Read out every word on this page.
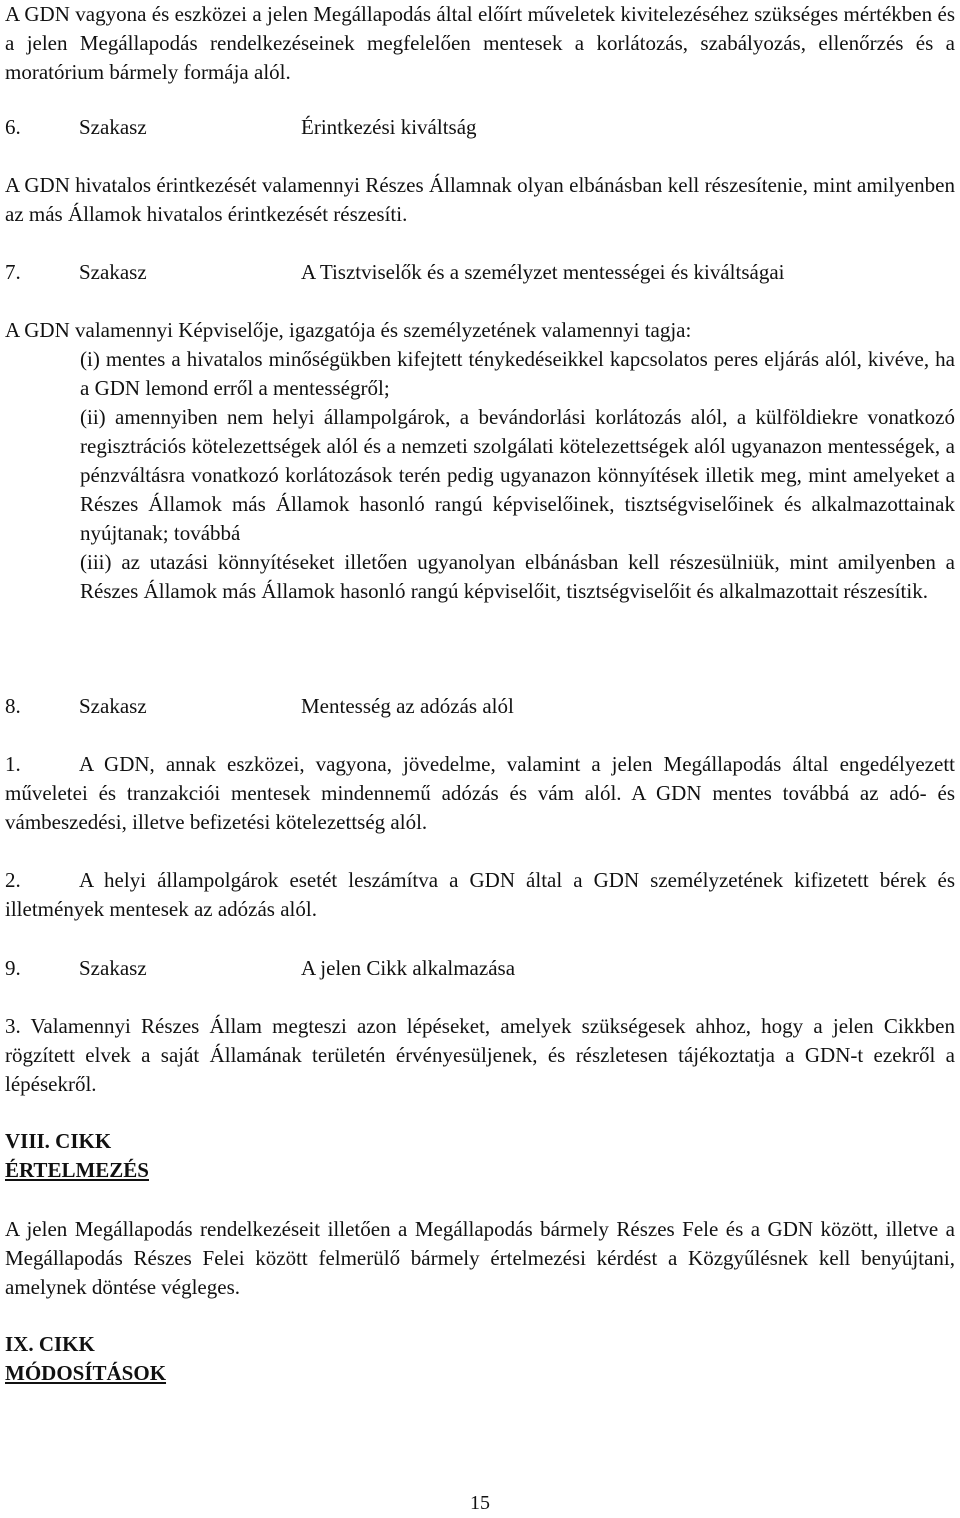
A GDN vagyona és eszközei a jelen Megállapodás által előírt műveletek kivitelezéséhez szükséges mértékben és a jelen Megállapodás rendelkezéseinek megfelelően mentesek a korlátozás, szabályozás, ellenőrzés és a moratórium bármely formája alól.

6.	Szakasz	Érintkezési kiváltság

A GDN hivatalos érintkezését valamennyi Részes Államnak olyan elbánásban kell részesítenie, mint amilyenben az más Államok hivatalos érintkezését részesíti.

7.	Szakasz	A Tisztviselők és a személyzet mentességei és kiváltságai

A GDN valamennyi Képviselője, igazgatója és személyzetének valamennyi tagja:

(i) mentes a hivatalos minőségükben kifejtett ténykedéseikkel kapcsolatos peres eljárás alól, kivéve, ha a GDN lemond erről a mentességről;

(ii) amennyiben nem helyi állampolgárok, a bevándorlási korlátozás alól, a külföldiekre vonatkozó regisztrációs kötelezettségek alól és a nemzeti szolgálati kötelezettségek alól ugyanazon mentességek, a pénzváltásra vonatkozó korlátozások terén pedig ugyanazon könnyítések illetik meg, mint amelyeket a Részes Államok más Államok hasonló rangú képviselőinek, tisztségviselőinek és alkalmazottainak nyújtanak; továbbá

(iii) az utazási könnyítéseket illetően ugyanolyan elbánásban kell részesülniük, mint amilyenben a Részes Államok más Államok hasonló rangú képviselőit, tisztségviselőit és alkalmazottait részesítik.

8.	Szakasz	Mentesség az adózás alól

1.	A GDN, annak eszközei, vagyona, jövedelme, valamint a jelen Megállapodás által engedélyezett műveletei és tranzakciói mentesek mindennemű adózás és vám alól. A GDN mentes továbbá az adó- és vámbeszedési, illetve befizetési kötelezettség alól.

2.	A helyi állampolgárok esetét leszámítva a GDN által a GDN személyzetének kifizetett bérek és illetmények mentesek az adózás alól.

9.	Szakasz	A jelen Cikk alkalmazása

3. Valamennyi Részes Állam megteszi azon lépéseket, amelyek szükségesek ahhoz, hogy a jelen Cikkben rögzített elvek a saját Államának területén érvényesüljenek, és részletesen tájékoztatja a GDN-t ezekről a lépésekről.

VIII. CIKK
ÉRTELMEZÉS

A jelen Megállapodás rendelkezéseit illetően a Megállapodás bármely Részes Fele és a GDN között, illetve a Megállapodás Részes Felei között felmerülő bármely értelmezési kérdést a Közgyűlésnek kell benyújtani, amelynek döntése végleges.

IX. CIKK
MÓDOSÍTÁSOK
15
